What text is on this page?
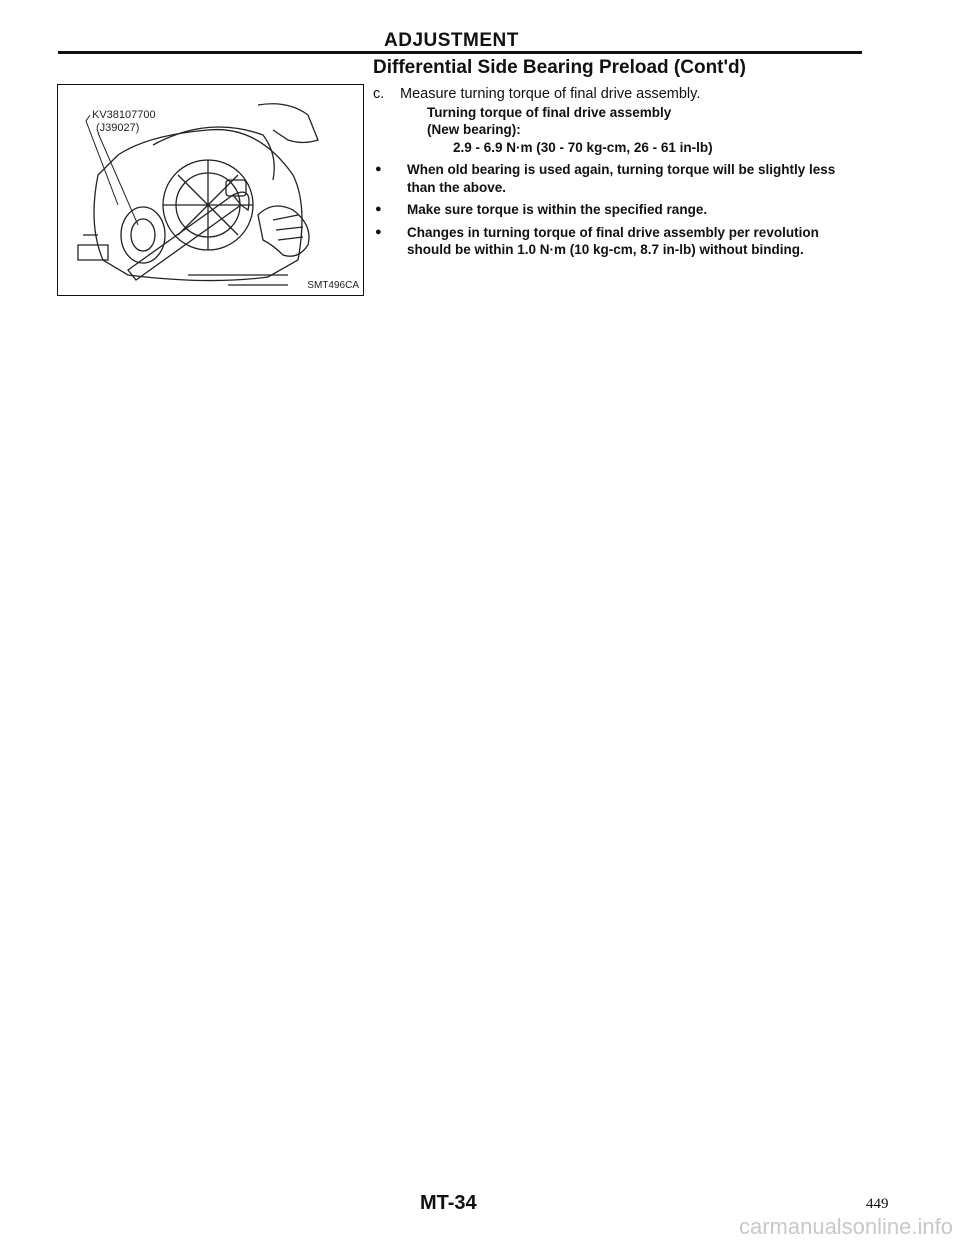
ADJUSTMENT
Differential Side Bearing Preload (Cont'd)
KV38107700
(J39027)
SMT496CA
c.	Measure turning torque of final drive assembly.
Turning torque of final drive assembly
(New bearing):
2.9 - 6.9 N·m (30 - 70 kg-cm, 26 - 61 in-lb)
●	When old bearing is used again, turning torque will be slightly less than the above.
●	Make sure torque is within the specified range.
●	Changes in turning torque of final drive assembly per revolution should be within 1.0 N·m (10 kg-cm, 8.7 in-lb) without binding.
MT-34	449
carmanualsonline.info
